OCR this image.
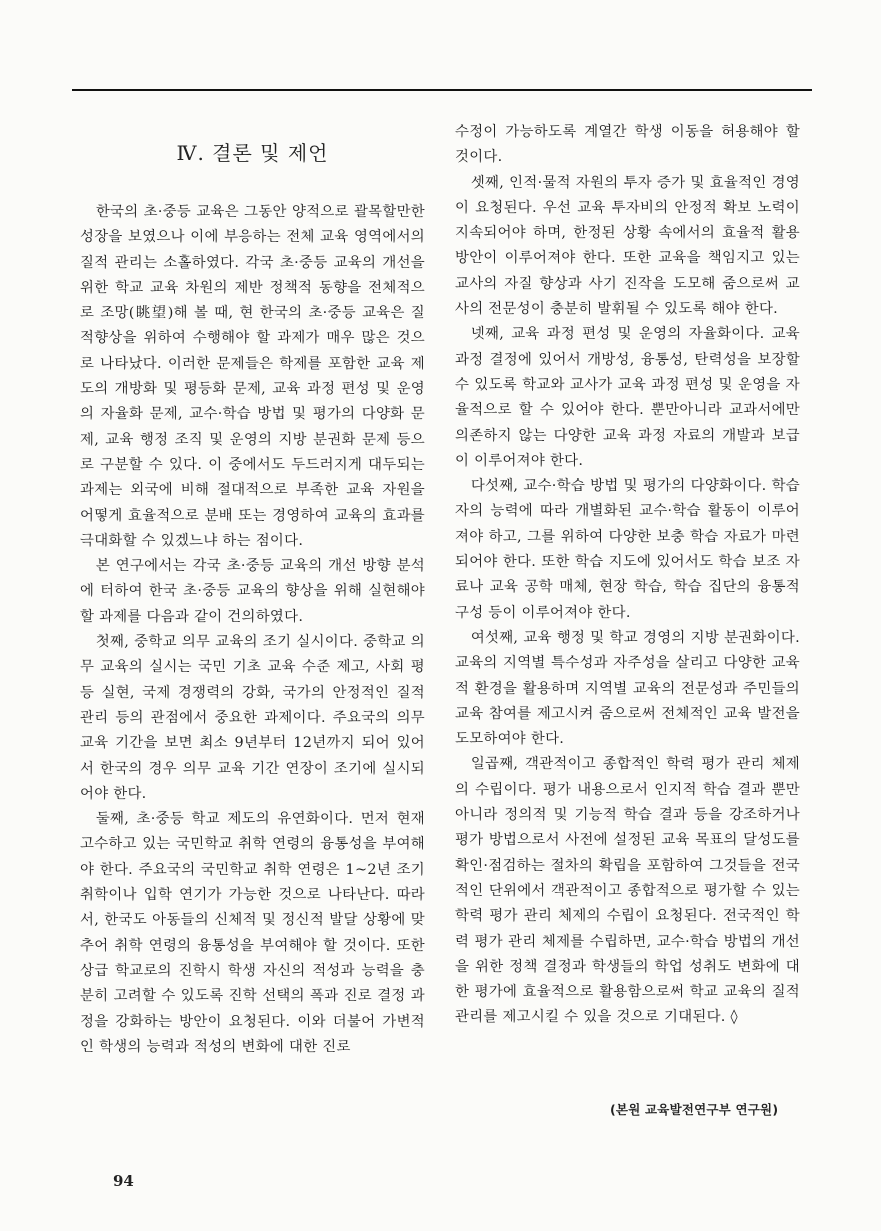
Ⅳ. 결론 및 제언

한국의 초·중등 교육은 그동안 양적으로 괄목할만한 성장을 보였으나 이에 부응하는 전체 교육 영역에서의 질적 관리는 소홀하였다. 각국 초·중등 교육의 개선을 위한 학교 교육 차원의 제반 정책적 동향을 전체적으로 조망(眺望)해 볼 때, 현 한국의 초·중등 교육은 질적향상을 위하여 수행해야 할 과제가 매우 많은 것으로 나타났다. 이러한 문제들은 학제를 포함한 교육 제도의 개방화 및 평등화 문제, 교육 과정 편성 및 운영의 자율화 문제, 교수·학습 방법 및 평가의 다양화 문제, 교육 행정 조직 및 운영의 지방 분권화 문제 등으로 구분할 수 있다. 이 중에서도 두드러지게 대두되는 과제는 외국에 비해 절대적으로 부족한 교육 자원을 어떻게 효율적으로 분배 또는 경영하여 교육의 효과를 극대화할 수 있겠느냐 하는 점이다.

본 연구에서는 각국 초·중등 교육의 개선 방향 분석에 터하여 한국 초·중등 교육의 향상을 위해 실현해야 할 과제를 다음과 같이 건의하였다.

첫째, 중학교 의무 교육의 조기 실시이다. 중학교 의무 교육의 실시는 국민 기초 교육 수준 제고, 사회 평등 실현, 국제 경쟁력의 강화, 국가의 안정적인 질적 관리 등의 관점에서 중요한 과제이다. 주요국의 의무 교육 기간을 보면 최소 9년부터 12년까지 되어 있어서 한국의 경우 의무 교육 기간 연장이 조기에 실시되어야 한다.

둘째, 초·중등 학교 제도의 유연화이다. 먼저 현재 고수하고 있는 국민학교 취학 연령의 융통성을 부여해야 한다. 주요국의 국민학교 취학 연령은 1~2년 조기 취학이나 입학 연기가 가능한 것으로 나타난다. 따라서, 한국도 아동들의 신체적 및 정신적 발달 상황에 맞추어 취학 연령의 융통성을 부여해야 할 것이다. 또한 상급 학교로의 진학시 학생 자신의 적성과 능력을 충분히 고려할 수 있도록 진학 선택의 폭과 진로 결정 과정을 강화하는 방안이 요청된다. 이와 더불어 가변적인 학생의 능력과 적성의 변화에 대한 진로

수정이 가능하도록 계열간 학생 이동을 허용해야 할 것이다.

셋째, 인적·물적 자원의 투자 증가 및 효율적인 경영이 요청된다. 우선 교육 투자비의 안정적 확보 노력이 지속되어야 하며, 한정된 상황 속에서의 효율적 활용 방안이 이루어져야 한다. 또한 교육을 책임지고 있는 교사의 자질 향상과 사기 진작을 도모해 줌으로써 교사의 전문성이 충분히 발휘될 수 있도록 해야 한다.

넷째, 교육 과정 편성 및 운영의 자율화이다. 교육 과정 결정에 있어서 개방성, 융통성, 탄력성을 보장할 수 있도록 학교와 교사가 교육 과정 편성 및 운영을 자율적으로 할 수 있어야 한다. 뿐만아니라 교과서에만 의존하지 않는 다양한 교육 과정 자료의 개발과 보급이 이루어져야 한다.

다섯째, 교수·학습 방법 및 평가의 다양화이다. 학습자의 능력에 따라 개별화된 교수·학습 활동이 이루어져야 하고, 그를 위하여 다양한 보충 학습 자료가 마련되어야 한다. 또한 학습 지도에 있어서도 학습 보조 자료나 교육 공학 매체, 현장 학습, 학습 집단의 융통적 구성 등이 이루어져야 한다.

여섯째, 교육 행정 및 학교 경영의 지방 분권화이다. 교육의 지역별 특수성과 자주성을 살리고 다양한 교육적 환경을 활용하며 지역별 교육의 전문성과 주민들의 교육 참여를 제고시켜 줌으로써 전체적인 교육 발전을 도모하여야 한다.

일곱째, 객관적이고 종합적인 학력 평가 관리 체제의 수립이다. 평가 내용으로서 인지적 학습 결과 뿐만 아니라 정의적 및 기능적 학습 결과 등을 강조하거나 평가 방법으로서 사전에 설정된 교육 목표의 달성도를 확인·점검하는 절차의 확립을 포함하여 그것들을 전국적인 단위에서 객관적이고 종합적으로 평가할 수 있는 학력 평가 관리 체제의 수립이 요청된다. 전국적인 학력 평가 관리 체제를 수립하면, 교수·학습 방법의 개선을 위한 정책 결정과 학생들의 학업 성취도 변화에 대한 평가에 효율적으로 활용함으로써 학교 교육의 질적 관리를 제고시킬 수 있을 것으로 기대된다. ◊

(본원 교육발전연구부 연구원)
94
